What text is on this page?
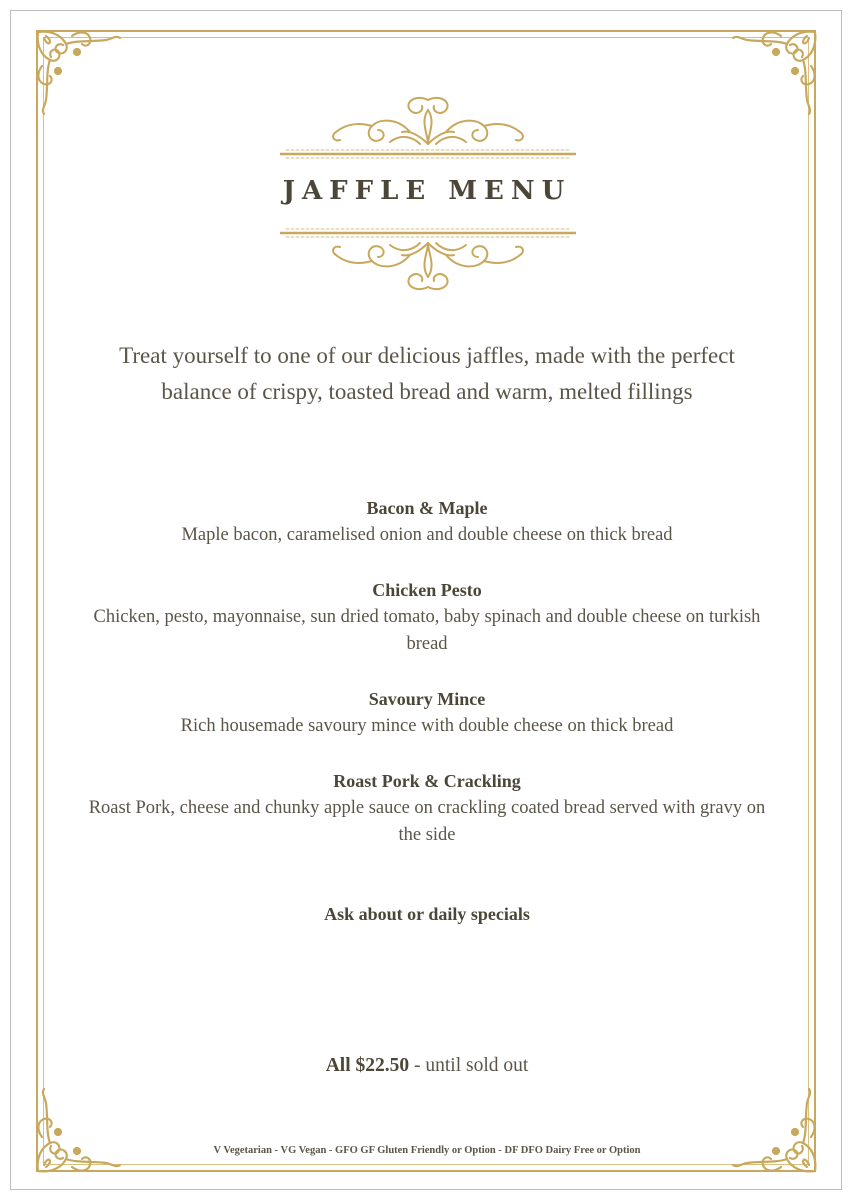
JAFFLE MENU
Treat yourself to one of our delicious jaffles, made with the perfect balance of crispy, toasted bread and warm, melted fillings
Bacon & Maple
Maple bacon, caramelised onion and double cheese on thick bread
Chicken Pesto
Chicken, pesto, mayonnaise, sun dried tomato, baby spinach and double cheese on turkish bread
Savoury Mince
Rich housemade savoury mince with double cheese on thick bread
Roast Pork & Crackling
Roast Pork, cheese and chunky apple sauce on crackling coated bread served with gravy on the side
Ask about or daily specials
All $22.50 - until sold out
V Vegetarian - VG Vegan - GFO GF Gluten Friendly or Option - DF DFO Dairy Free or Option
